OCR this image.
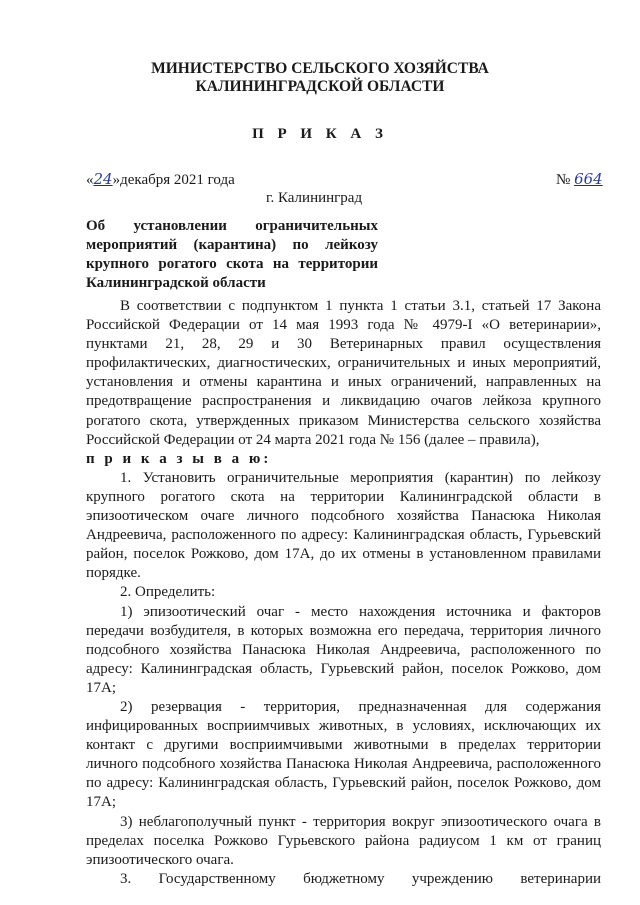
МИНИСТЕРСТВО СЕЛЬСКОГО ХОЗЯЙСТВА
КАЛИНИНГРАДСКОЙ ОБЛАСТИ
П Р И К А З
«24»декабря 2021 года	№ 664
г. Калининград
Об установлении ограничительных
мероприятий (карантина) по лейкозу
крупного рогатого скота на территории
Калининградской области

В соответствии с подпунктом 1 пункта 1 статьи 3.1, статьей 17 Закона Российской Федерации от 14 мая 1993 года № 4979-I «О ветеринарии», пунктами 21, 28, 29 и 30 Ветеринарных правил осуществления профилактических, диагностических, ограничительных и иных мероприятий, установления и отмены карантина и иных ограничений, направленных на предотвращение распространения и ликвидацию очагов лейкоза крупного рогатого скота, утвержденных приказом Министерства сельского хозяйства Российской Федерации от 24 марта 2021 года № 156 (далее – правила),

п р и к а з ы в а ю:

1. Установить ограничительные мероприятия (карантин) по лейкозу крупного рогатого скота на территории Калининградской области в эпизоотическом очаге личного подсобного хозяйства Панасюка Николая Андреевича, расположенного по адресу: Калининградская область, Гурьевский район, поселок Рожково, дом 17А, до их отмены в установленном правилами порядке.

2. Определить:

1) эпизоотический очаг - место нахождения источника и факторов передачи возбудителя, в которых возможна его передача, территория личного подсобного хозяйства Панасюка Николая Андреевича, расположенного по адресу: Калининградская область, Гурьевский район, поселок Рожково, дом 17А;

2) резервация - территория, предназначенная для содержания инфицированных восприимчивых животных, в условиях, исключающих их контакт с другими восприимчивыми животными в пределах территории личного подсобного хозяйства Панасюка Николая Андреевича, расположенного по адресу: Калининградская область, Гурьевский район, поселок Рожково, дом 17А;

3) неблагополучный пункт - территория вокруг эпизоотического очага в пределах поселка Рожково Гурьевского района радиусом 1 км от границ эпизоотического очага.

3. Государственному бюджетному учреждению ветеринарии
